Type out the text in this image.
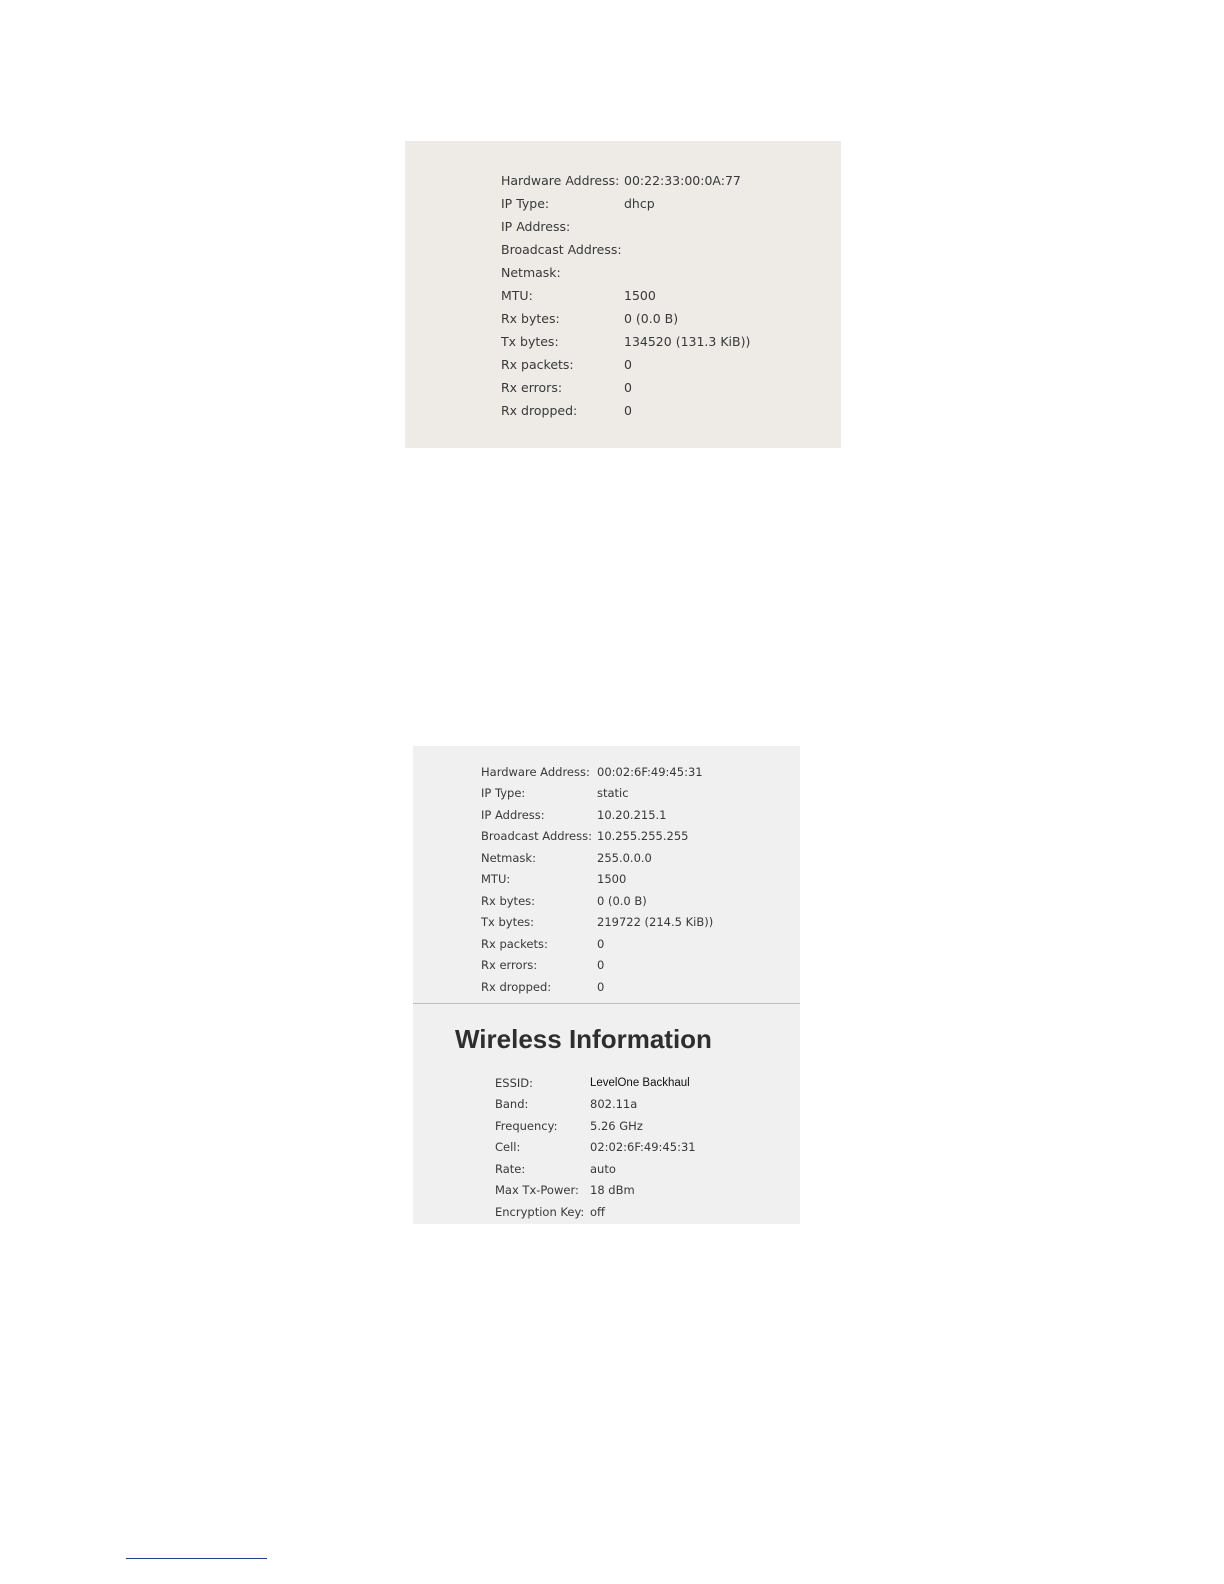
Hardware Address:	00:22:33:00:0A:77
IP Type:	dhcp
IP Address:	
Broadcast Address:	
Netmask:	
MTU:	1500
Rx bytes:	0 (0.0 B)
Tx bytes:	134520 (131.3 KiB))
Rx packets:	0
Rx errors:	0
Rx dropped:	0
Hardware Address:	00:02:6F:49:45:31
IP Type:	static
IP Address:	10.20.215.1
Broadcast Address:	10.255.255.255
Netmask:	255.0.0.0
MTU:	1500
Rx bytes:	0 (0.0 B)
Tx bytes:	219722 (214.5 KiB))
Rx packets:	0
Rx errors:	0
Rx dropped:	0
Wireless Information
ESSID:	LevelOne Backhaul
Band:	802.11a
Frequency:	5.26 GHz
Cell:	02:02:6F:49:45:31
Rate:	auto
Max Tx-Power:	18 dBm
Encryption Key:	off
